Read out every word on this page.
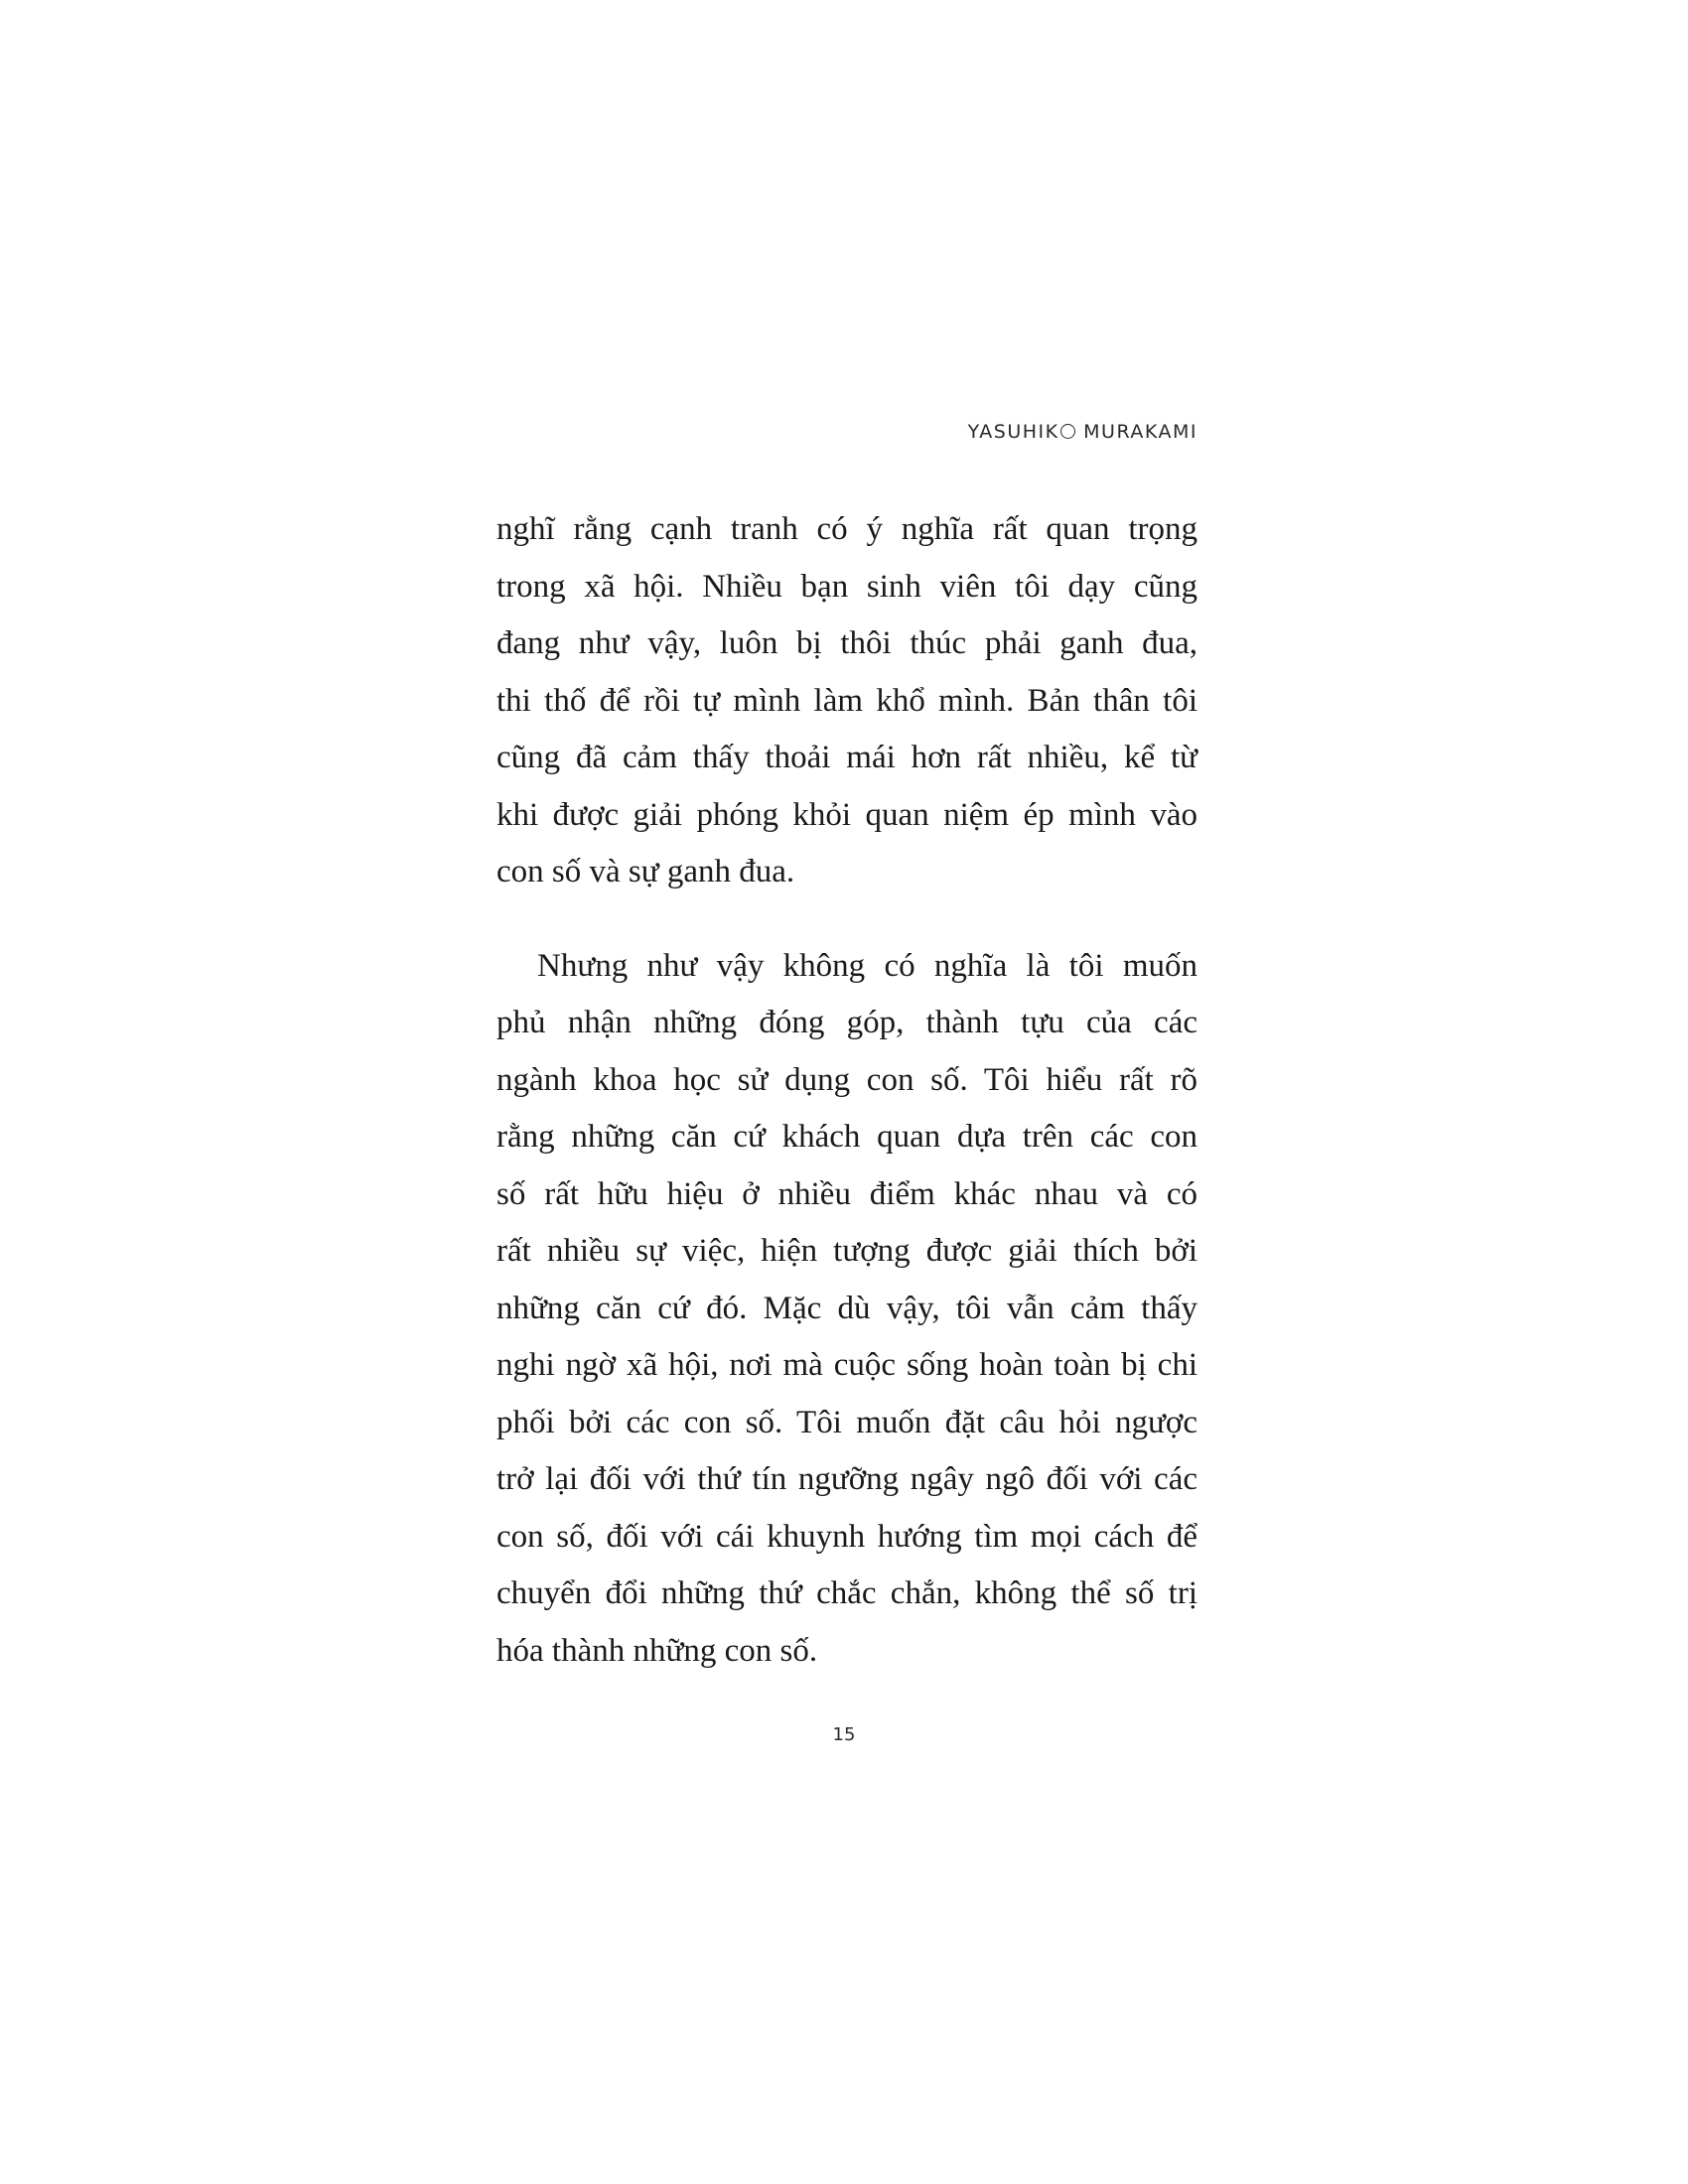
YASUHIK MURAKAMI
nghĩ rằng cạnh tranh có ý nghĩa rất quan trọng
trong xã hội. Nhiều bạn sinh viên tôi dạy cũng
đang như vậy, luôn bị thôi thúc phải ganh đua,
thi thố để rồi tự mình làm khổ mình. Bản thân tôi
cũng đã cảm thấy thoải mái hơn rất nhiều, kể từ
khi được giải phóng khỏi quan niệm ép mình vào
con số và sự ganh đua.
Nhưng như vậy không có nghĩa là tôi muốn
phủ nhận những đóng góp, thành tựu của các
ngành khoa học sử dụng con số. Tôi hiểu rất rõ
rằng những căn cứ khách quan dựa trên các con
số rất hữu hiệu ở nhiều điểm khác nhau và có
rất nhiều sự việc, hiện tượng được giải thích bởi
những căn cứ đó. Mặc dù vậy, tôi vẫn cảm thấy
nghi ngờ xã hội, nơi mà cuộc sống hoàn toàn bị chi
phối bởi các con số. Tôi muốn đặt câu hỏi ngược
trở lại đối với thứ tín ngưỡng ngây ngô đối với các
con số, đối với cái khuynh hướng tìm mọi cách để
chuyển đổi những thứ chắc chắn, không thể số trị
hóa thành những con số.
15
